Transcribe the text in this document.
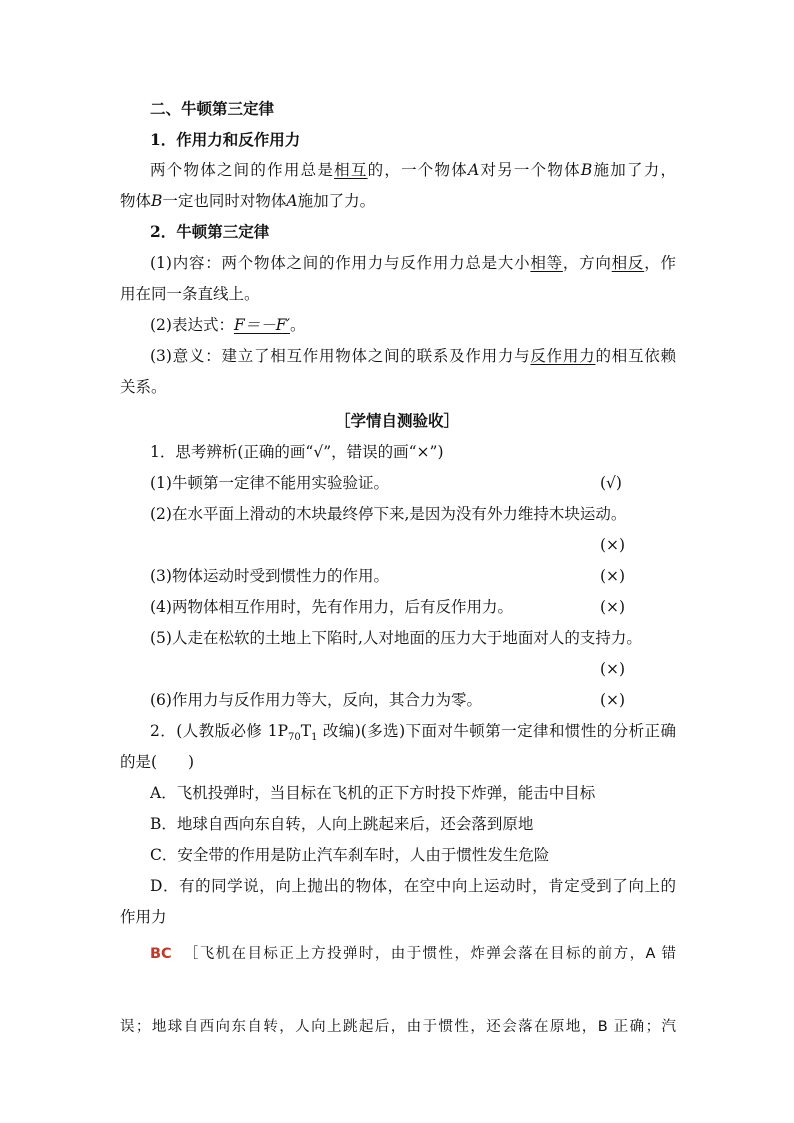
二、牛顿第三定律
1．作用力和反作用力
两个物体之间的作用总是相互的，一个物体A对另一个物体B施加了力，
物体B一定也同时对物体A施加了力。
2．牛顿第三定律
(1)内容：两个物体之间的作用力与反作用力总是大小相等，方向相反，作
用在同一条直线上。
(2)表达式：F＝－F′。
(3)意义：建立了相互作用物体之间的联系及作用力与反作用力的相互依赖
关系。
［学情自测验收］
1．思考辨析(正确的画“√”，错误的画“×”)
(1)牛顿第一定律不能用实验验证。	(√)
(2)在水平面上滑动的木块最终停下来,是因为没有外力维持木块运动。
(×)
(3)物体运动时受到惯性力的作用。	(×)
(4)两物体相互作用时，先有作用力，后有反作用力。	(×)
(5)人走在松软的土地上下陷时,人对地面的压力大于地面对人的支持力。
(×)
(6)作用力与反作用力等大，反向，其合力为零。	(×)
2．(人教版必修 $1P_{70}T_1$ 改编)(多选)下面对牛顿第一定律和惯性的分析正确
的是(　　)
A．飞机投弹时，当目标在飞机的正下方时投下炸弹，能击中目标
B．地球自西向东自转，人向上跳起来后，还会落到原地
C．安全带的作用是防止汽车刹车时，人由于惯性发生危险
D．有的同学说，向上抛出的物体，在空中向上运动时，肯定受到了向上的
作用力
BC ［飞机在目标正上方投弹时，由于惯性，炸弹会落在目标的前方，A 错
误；地球自西向东自转，人向上跳起后，由于惯性，还会落在原地，B 正确；汽
